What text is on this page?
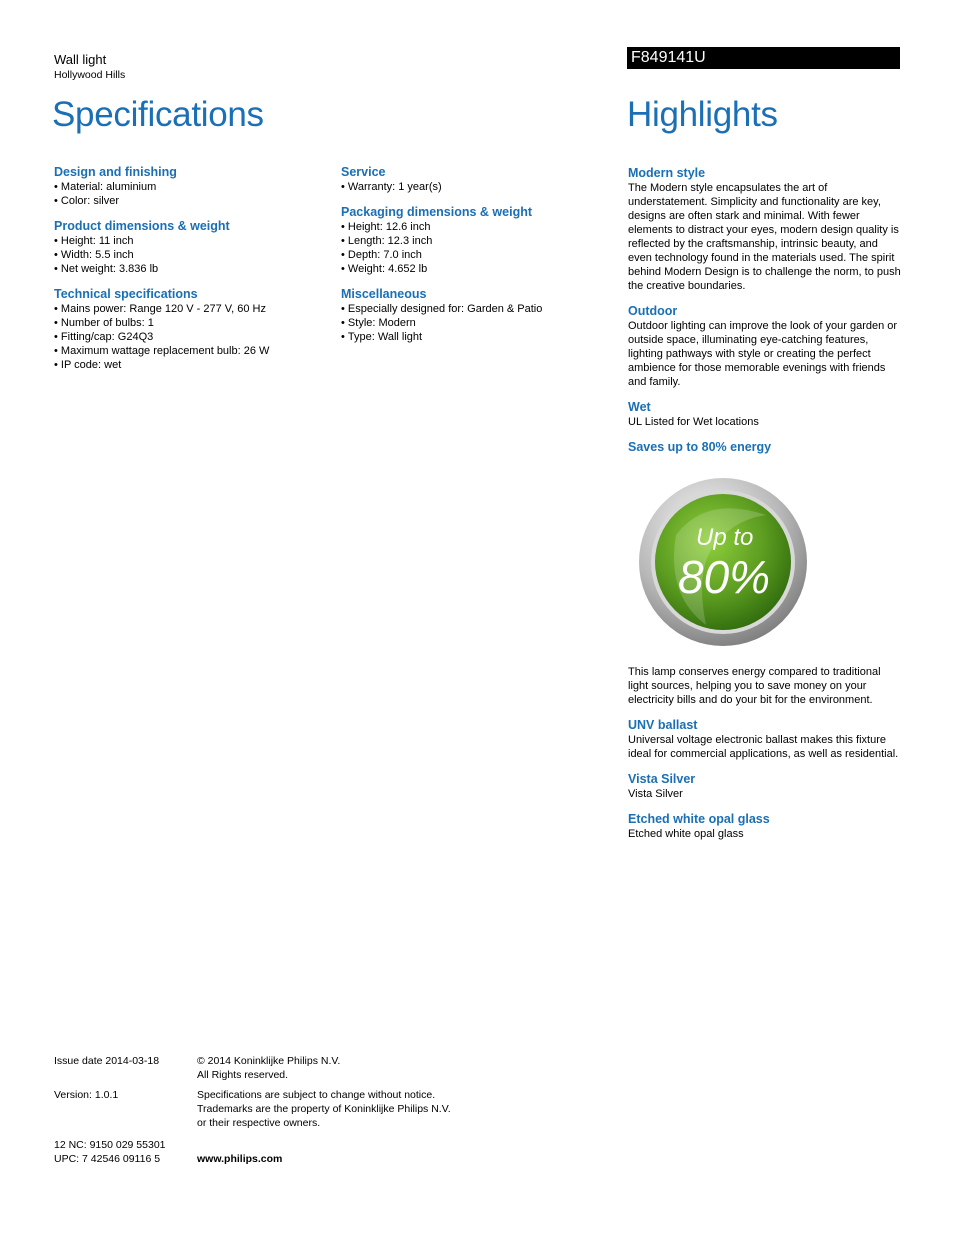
Wall light
Hollywood Hills
Specifications
F849141U
Highlights
Design and finishing
• Material: aluminium
• Color: silver
Product dimensions & weight
• Height: 11 inch
• Width: 5.5 inch
• Net weight: 3.836 lb
Technical specifications
• Mains power: Range 120 V - 277 V, 60 Hz
• Number of bulbs: 1
• Fitting/cap: G24Q3
• Maximum wattage replacement bulb: 26 W
• IP code: wet
Service
• Warranty: 1 year(s)
Packaging dimensions & weight
• Height: 12.6 inch
• Length: 12.3 inch
• Depth: 7.0 inch
• Weight: 4.652 lb
Miscellaneous
• Especially designed for: Garden & Patio
• Style: Modern
• Type: Wall light
Modern style

The Modern style encapsulates the art of understatement. Simplicity and functionality are key, designs are often stark and minimal. With fewer elements to distract your eyes, modern design quality is reflected by the craftsmanship, intrinsic beauty, and even technology found in the materials used. The spirit behind Modern Design is to challenge the norm, to push the creative boundaries.

Outdoor

Outdoor lighting can improve the look of your garden or outside space, illuminating eye-catching features, lighting pathways with style or creating the perfect ambience for those memorable evenings with friends and family.

Wet

UL Listed for Wet locations

Saves up to 80% energy
Up to
80%

This lamp conserves energy compared to traditional light sources, helping you to save money on your electricity bills and do your bit for the environment.

UNV ballast

Universal voltage electronic ballast makes this fixture ideal for commercial applications, as well as residential.

Vista Silver

Vista Silver

Etched white opal glass

Etched white opal glass

Issue date 2014-03-18
Version: 1.0.1
12 NC: 9150 029 55301
UPC: 7 42546 09116 5
© 2014 Koninklijke Philips N.V.
All Rights reserved.
Specifications are subject to change without notice.
Trademarks are the property of Koninklijke Philips N.V.
or their respective owners.
www.philips.com
